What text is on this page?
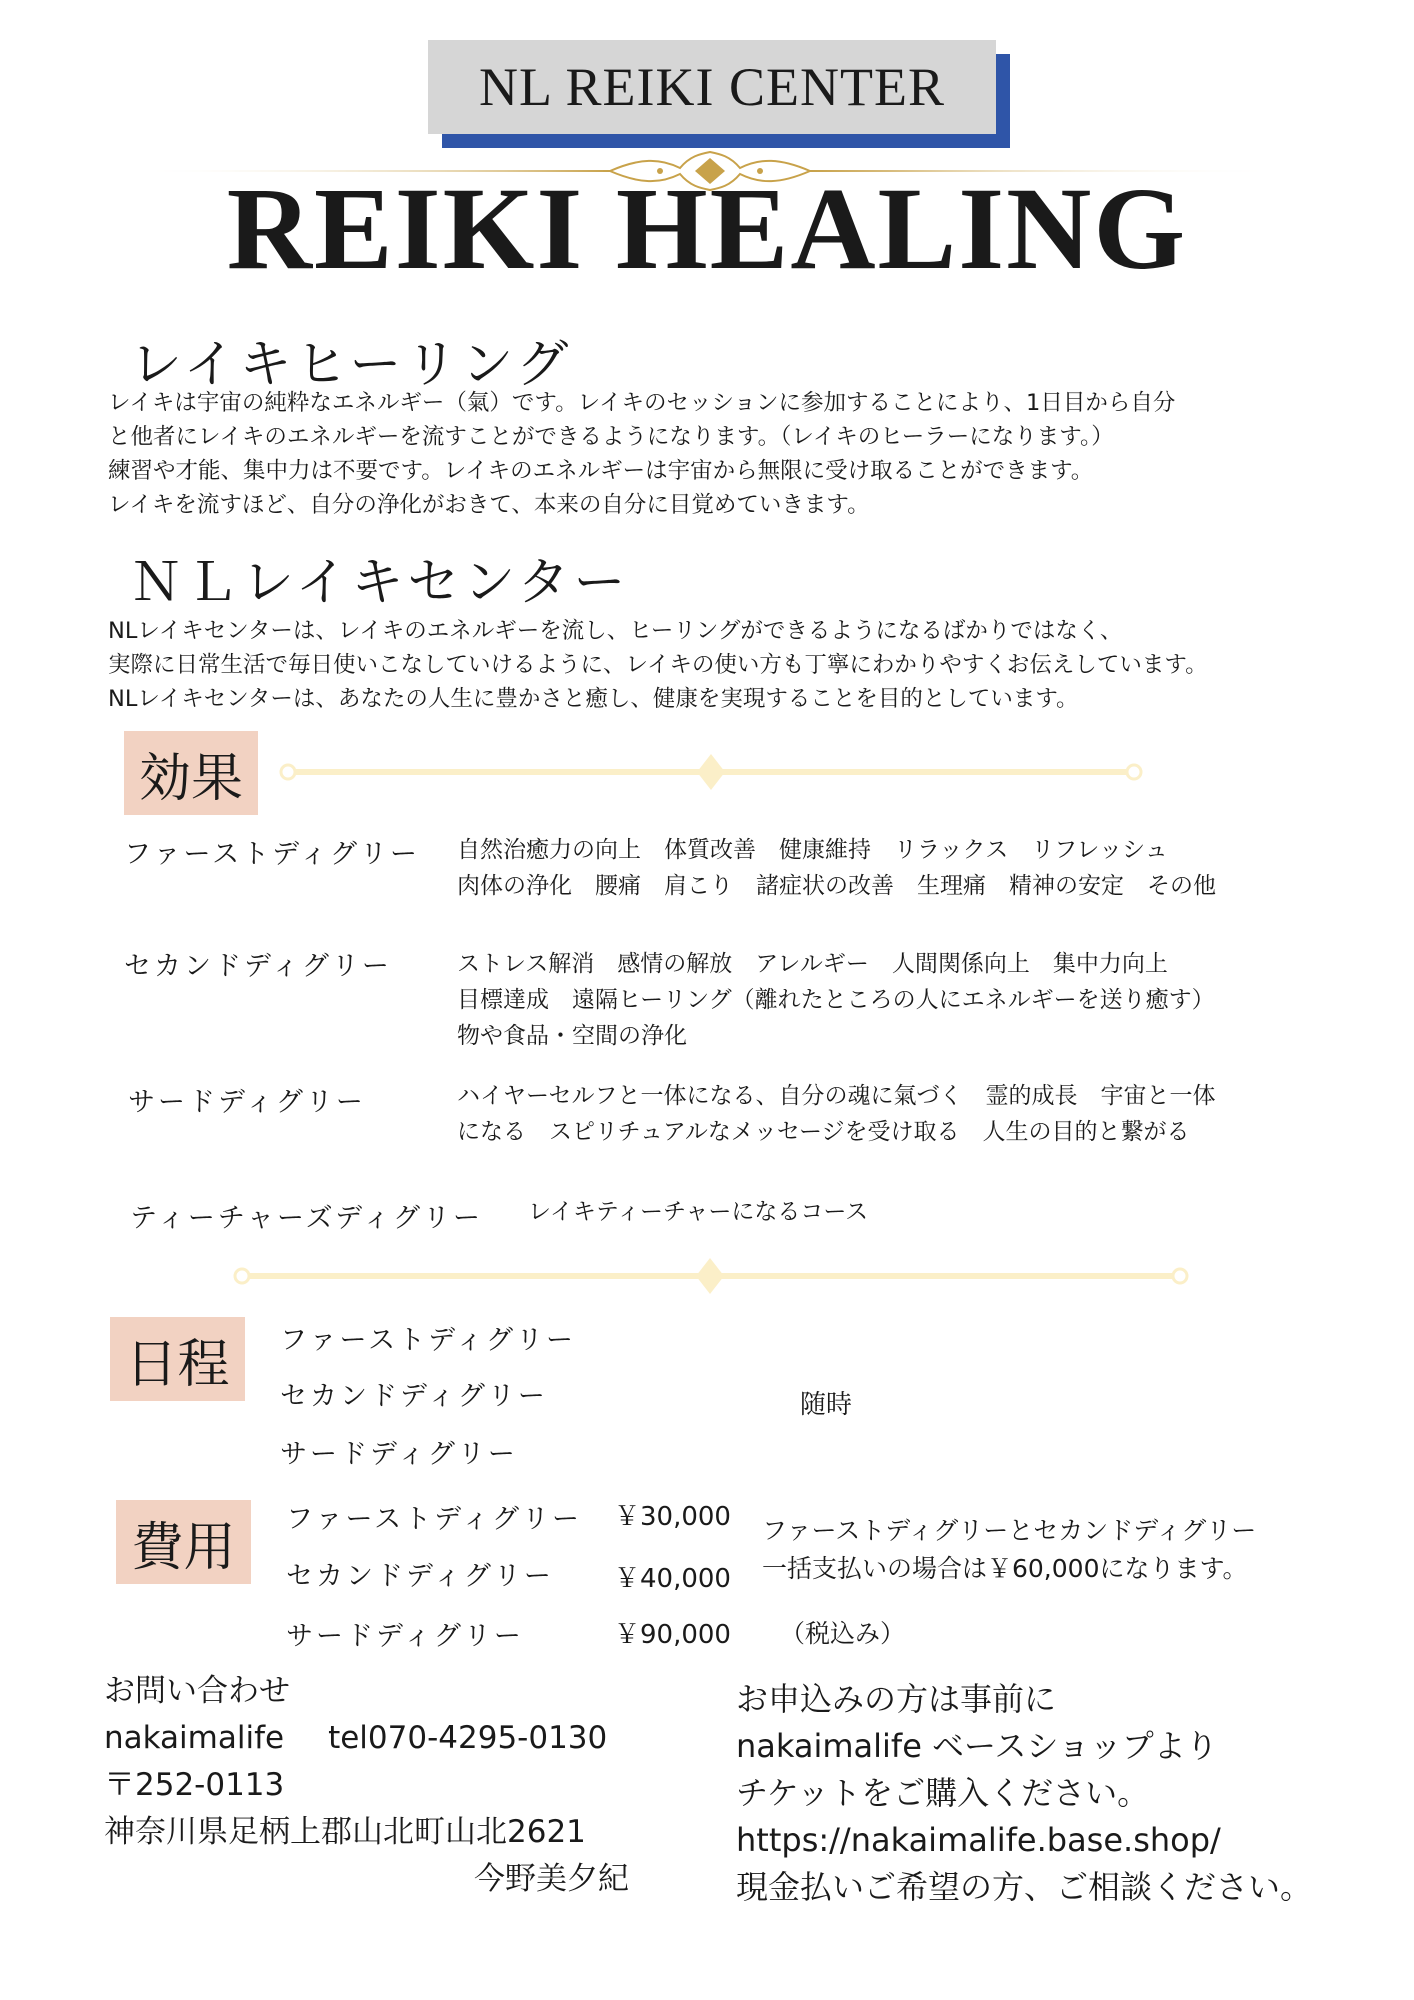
NL REIKI CENTER
REIKI HEALING
レイキヒーリング
レイキは宇宙の純粋なエネルギー（氣）です。レイキのセッションに参加することにより、1日目から自分
と他者にレイキのエネルギーを流すことができるようになります。（レイキのヒーラーになります。）
練習や才能、集中力は不要です。レイキのエネルギーは宇宙から無限に受け取ることができます。
レイキを流すほど、自分の浄化がおきて、本来の自分に目覚めていきます。
ＮＬレイキセンター
NLレイキセンターは、レイキのエネルギーを流し、ヒーリングができるようになるばかりではなく、
実際に日常生活で毎日使いこなしていけるように、レイキの使い方も丁寧にわかりやすくお伝えしています。
NLレイキセンターは、あなたの人生に豊かさと癒し、健康を実現することを目的としています。
効果
ファーストディグリー 自然治癒力の向上　体質改善　健康維持　リラックス　リフレッシュ
肉体の浄化　腰痛　肩こり　諸症状の改善　生理痛　精神の安定　その他
セカンドディグリー	ストレス解消　感情の解放　アレルギー　人間関係向上　集中力向上
目標達成　遠隔ヒーリング（離れたところの人にエネルギーを送り癒す）
物や食品・空間の浄化
サードディグリー	ハイヤーセルフと一体になる、自分の魂に氣づく　霊的成長　宇宙と一体
になる　スピリチュアルなメッセージを受け取る　人生の目的と繋がる
ティーチャーズディグリー レイキティーチャーになるコース
日程	ファーストディグリー
セカンドディグリー
サードディグリー
随時
費用	ファーストディグリー ￥30,000
セカンドディグリー ￥40,000
サードディグリー	￥90,000
ファーストディグリーとセカンドディグリー
一括支払いの場合は￥60,000になります。
（税込み）
お問い合わせ
nakaimalife tel070-4295-0130
〒252-0113
神奈川県足柄上郡山北町山北2621
今野美夕紀
お申込みの方は事前に
nakaimalife ベースショップより
チケットをご購入ください。
https://nakaimalife.base.shop/
現金払いご希望の方、ご相談ください。
